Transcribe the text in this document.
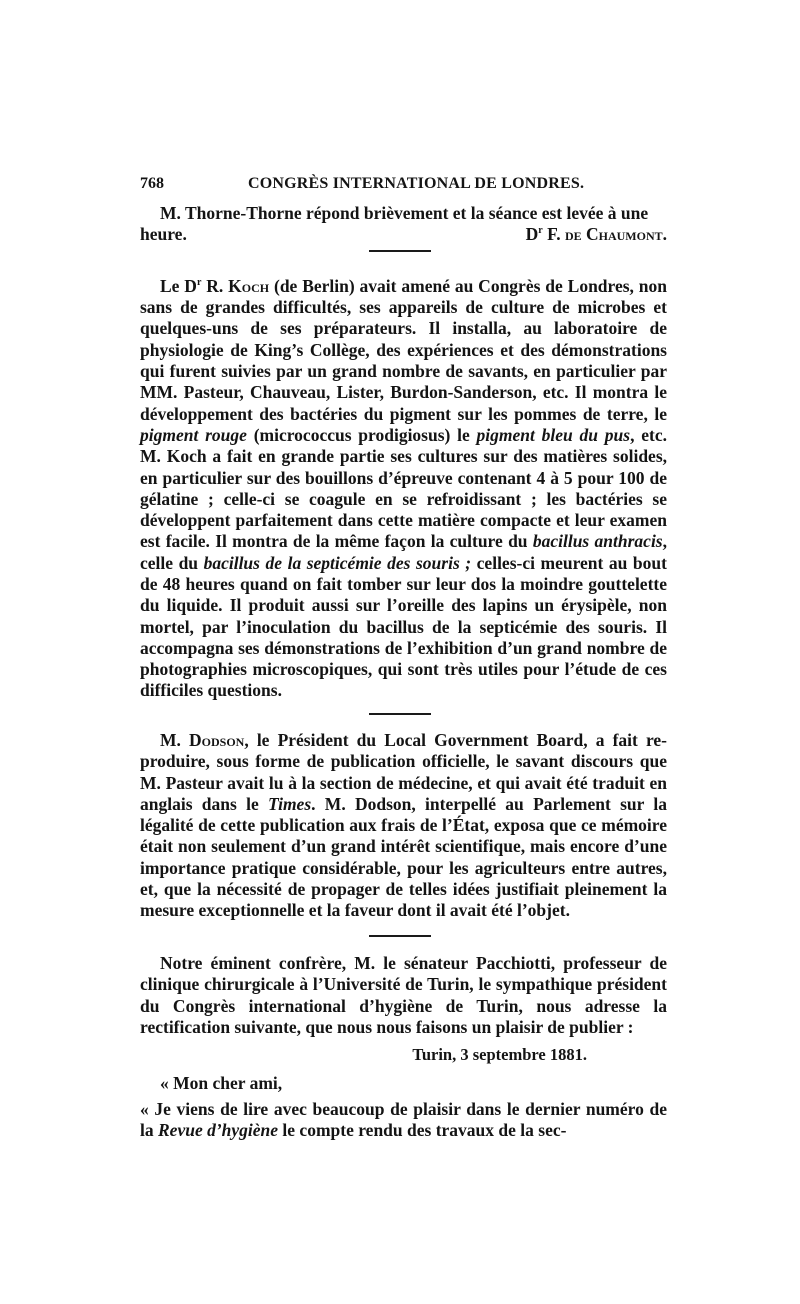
768	CONGRÈS INTERNATIONAL DE LONDRES.

M. Thorne-Thorne répond brièvement et la séance est levée à une heure.	$D^r$ F. de Chaumont.

Le $D^r$ R. Koch (de Berlin) avait amené au Congrès de Londres, non sans de grandes difficultés, ses appareils de culture de microbes et quelques-uns de ses préparateurs. Il installa, au laboratoire de physiologie de King’s Collège, des expériences et des démonstrations qui furent suivies par un grand nombre de savants, en particulier par MM. Pasteur, Chauveau, Lister, Burdon-Sanderson, etc. Il montra le développement des bactéries du pigment sur les pommes de terre, le pigment rouge (micrococcus prodigiosus) le pigment bleu du pus, etc. M. Koch a fait en grande partie ses cultures sur des matières solides, en particulier sur des bouillons d’épreuve contenant 4 à 5 pour 100 de gélatine ; celle-ci se coagule en se refroidissant ; les bactéries se développent parfaitement dans cette matière compacte et leur examen est facile. Il montra de la même façon la culture du bacillus anthracis, celle du bacillus de la septicémie des souris ; celles-ci meurent au bout de 48 heures quand on fait tomber sur leur dos la moindre gouttelette du liquide. Il produit aussi sur l’oreille des lapins un érysipèle, non mortel, par l’inoculation du bacillus de la septicémie des souris. Il accompagna ses démonstrations de l’exhibition d’un grand nombre de photographies microscopiques, qui sont très utiles pour l’étude de ces difficiles questions.

M. Dodson, le Président du Local Government Board, a fait reproduire, sous forme de publication officielle, le savant discours que M. Pasteur avait lu à la section de médecine, et qui avait été traduit en anglais dans le Times. M. Dodson, interpellé au Parlement sur la légalité de cette publication aux frais de l’État, exposa que ce mémoire était non seulement d’un grand intérêt scientifique, mais encore d’une importance pratique considérable, pour les agriculteurs entre autres, et, que la nécessité de propager de telles idées justifiait pleinement la mesure exceptionnelle et la faveur dont il avait été l’objet.

Notre éminent confrère, M. le sénateur Pacchiotti, professeur de clinique chirurgicale à l’Université de Turin, le sympathique président du Congrès international d’hygiène de Turin, nous adresse la rectification suivante, que nous nous faisons un plaisir de publier :

Turin, 3 septembre 1881.

« Mon cher ami,

« Je viens de lire avec beaucoup de plaisir dans le dernier numéro de la Revue d’hygiène le compte rendu des travaux de la sec-
